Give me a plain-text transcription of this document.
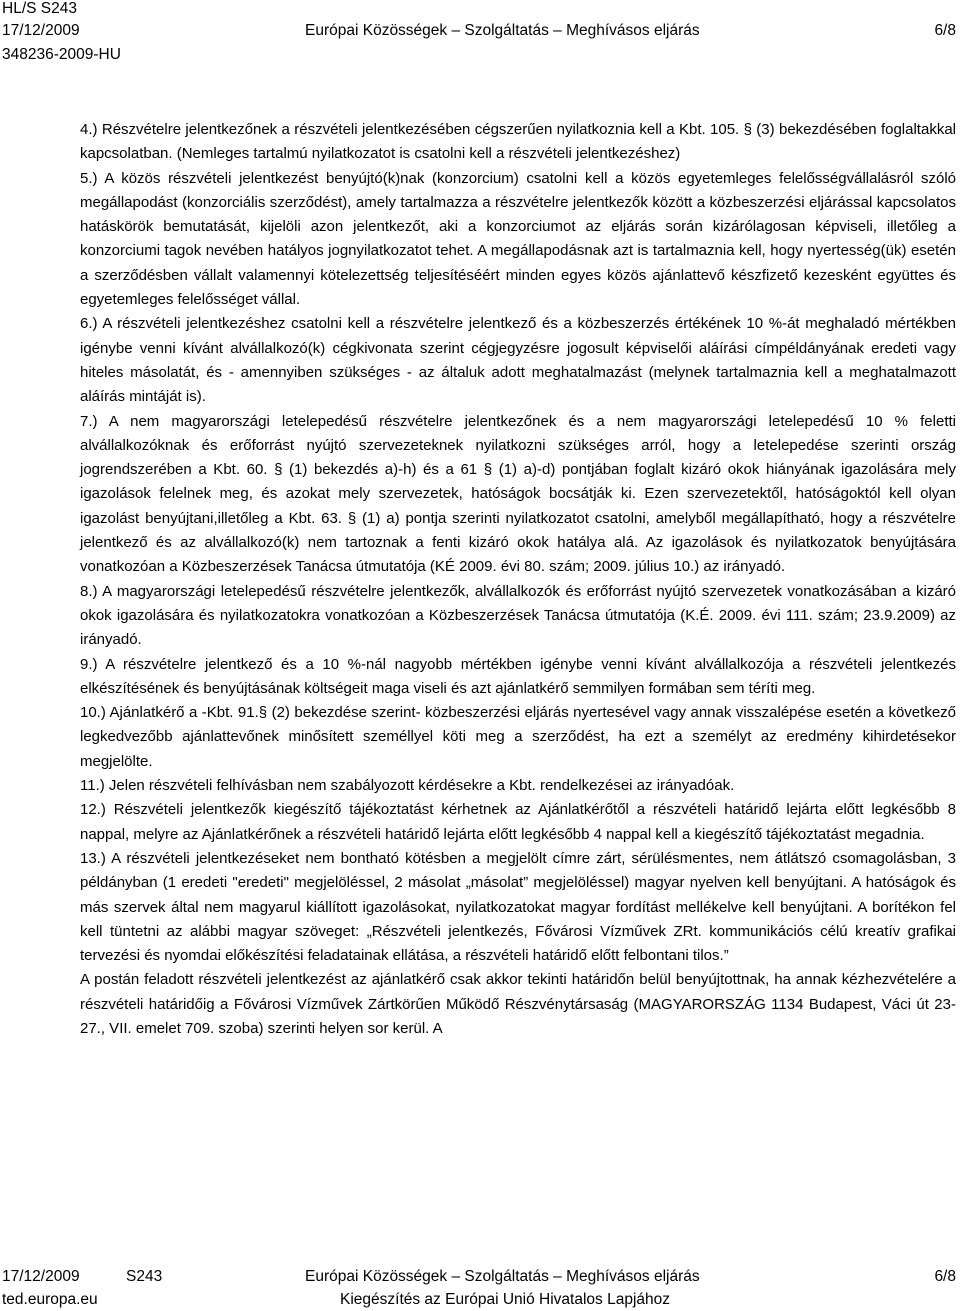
HL/S S243
17/12/2009	Európai Közösségek – Szolgáltatás – Meghívásos eljárás	6/8
348236-2009-HU

4.) Részvételre jelentkezőnek a részvételi jelentkezésében cégszerűen nyilatkoznia kell a Kbt. 105. § (3) bekezdésében foglaltakkal kapcsolatban. (Nemleges tartalmú nyilatkozatot is csatolni kell a részvételi jelentkezéshez)

5.) A közös részvételi jelentkezést benyújtó(k)nak (konzorcium) csatolni kell a közös egyetemleges felelősségvállalásról szóló megállapodást (konzorciális szerződést), amely tartalmazza a részvételre jelentkezők között a közbeszerzési eljárással kapcsolatos hatáskörök bemutatását, kijelöli azon jelentkezőt, aki a konzorciumot az eljárás során kizárólagosan képviseli, illetőleg a konzorciumi tagok nevében hatályos jognyilatkozatot tehet. A megállapodásnak azt is tartalmaznia kell, hogy nyertesség(ük) esetén a szerződésben vállalt valamennyi kötelezettség teljesítéséért minden egyes közös ajánlattevő készfizető kezesként együttes és egyetemleges felelősséget vállal.

6.) A részvételi jelentkezéshez csatolni kell a részvételre jelentkező és a közbeszerzés értékének 10 %-át meghaladó mértékben igénybe venni kívánt alvállalkozó(k) cégkivonata szerint cégjegyzésre jogosult képviselői aláírási címpéldányának eredeti vagy hiteles másolatát, és - amennyiben szükséges - az általuk adott meghatalmazást (melynek tartalmaznia kell a meghatalmazott aláírás mintáját is).

7.) A nem magyarországi letelepedésű részvételre jelentkezőnek és a nem magyarországi letelepedésű 10 % feletti alvállalkozóknak és erőforrást nyújtó szervezeteknek nyilatkozni szükséges arról, hogy a letelepedése szerinti ország jogrendszerében a Kbt. 60. § (1) bekezdés a)-h) és a 61 § (1) a)-d) pontjában foglalt kizáró okok hiányának igazolására mely igazolások felelnek meg, és azokat mely szervezetek, hatóságok bocsátják ki. Ezen szervezetektől, hatóságoktól kell olyan igazolást benyújtani,illetőleg a Kbt. 63. § (1) a) pontja szerinti nyilatkozatot csatolni, amelyből megállapítható, hogy a részvételre jelentkező és az alvállalkozó(k) nem tartoznak a fenti kizáró okok hatálya alá. Az igazolások és nyilatkozatok benyújtására vonatkozóan a Közbeszerzések Tanácsa útmutatója (KÉ 2009. évi 80. szám; 2009. július 10.) az irányadó.

8.) A magyarországi letelepedésű részvételre jelentkezők, alvállalkozók és erőforrást nyújtó szervezetek vonatkozásában a kizáró okok igazolására és nyilatkozatokra vonatkozóan a Közbeszerzések Tanácsa útmutatója (K.É. 2009. évi 111. szám; 23.9.2009) az irányadó.

9.) A részvételre jelentkező és a 10 %-nál nagyobb mértékben igénybe venni kívánt alvállalkozója a részvételi jelentkezés elkészítésének és benyújtásának költségeit maga viseli és azt ajánlatkérő semmilyen formában sem téríti meg.

10.) Ajánlatkérő a -Kbt. 91.§ (2) bekezdése szerint- közbeszerzési eljárás nyertesével vagy annak visszalépése esetén a következő legkedvezőbb ajánlattevőnek minősített személlyel köti meg a szerződést, ha ezt a személyt az eredmény kihirdetésekor megjelölte.

11.) Jelen részvételi felhívásban nem szabályozott kérdésekre a Kbt. rendelkezései az irányadóak.

12.) Részvételi jelentkezők kiegészítő tájékoztatást kérhetnek az Ajánlatkérőtől a részvételi határidő lejárta előtt legkésőbb 8 nappal, melyre az Ajánlatkérőnek a részvételi határidő lejárta előtt legkésőbb 4 nappal kell a kiegészítő tájékoztatást megadnia.

13.) A részvételi jelentkezéseket nem bontható kötésben a megjelölt címre zárt, sérülésmentes, nem átlátszó csomagolásban, 3 példányban (1 eredeti "eredeti" megjelöléssel, 2 másolat „másolat” megjelöléssel) magyar nyelven kell benyújtani. A hatóságok és más szervek által nem magyarul kiállított igazolásokat, nyilatkozatokat magyar fordítást mellékelve kell benyújtani. A borítékon fel kell tüntetni az alábbi magyar szöveget: „Részvételi jelentkezés, Fővárosi Vízművek ZRt. kommunikációs célú kreatív grafikai tervezési és nyomdai előkészítési feladatainak ellátása, a részvételi határidő előtt felbontani tilos.”

A postán feladott részvételi jelentkezést az ajánlatkérő csak akkor tekinti határidőn belül benyújtottnak, ha annak kézhezvételére a részvételi határidőig a Fővárosi Vízművek Zártkörűen Működő Részvénytársaság (MAGYARORSZÁG 1134 Budapest, Váci út 23-27., VII. emelet 709. szoba) szerinti helyen sor kerül. A

17/12/2009	S243	Európai Közösségek – Szolgáltatás – Meghívásos eljárás	6/8
ted.europa.eu	Kiegészítés az Európai Unió Hivatalos Lapjához
